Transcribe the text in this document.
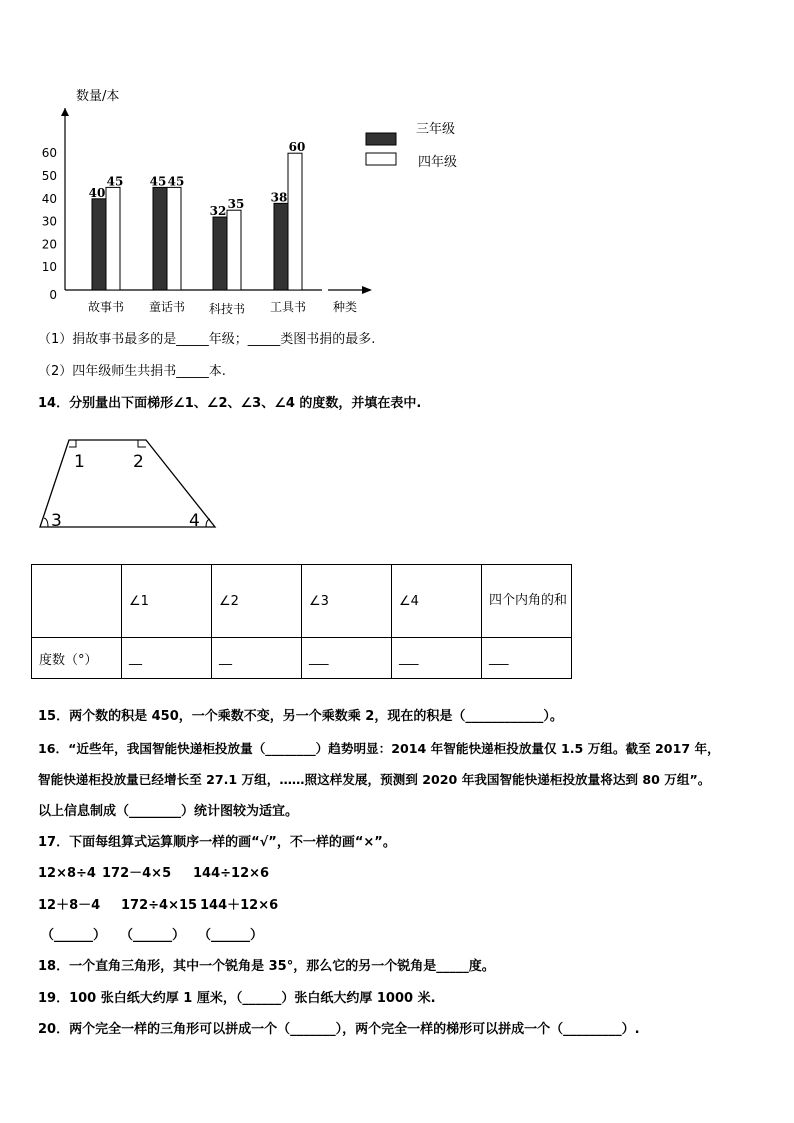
数量/本
种类
0
10
20
30
40
50
60
40
45
故事书
45 45
童话书
32 35
科技书
38
60
工具书
三年级
四年级
（1）捐故事书最多的是_____年级；_____类图书捐的最多.
（2）四年级师生共捐书_____本.
14．分别量出下面梯形∠1、∠2、∠3、∠4 的度数，并填在表中.
1	2
3	4
	∠1	∠2	∠3	∠4	四个内角的和
度数（°）	__	__	___	___	___
15．两个数的积是 450，一个乘数不变，另一个乘数乘 2，现在的积是（____________）。
16．“近些年，我国智能快递柜投放量（________）趋势明显：2014 年智能快递柜投放量仅 1.5 万组。截至 2017 年，
智能快递柜投放量已经增长至 27.1 万组，……照这样发展，预测到 2020 年我国智能快递柜投放量将达到 80 万组”。
以上信息制成（________）统计图较为适宜。
17．下面每组算式运算顺序一样的画“√”，不一样的画“×”。
12×8÷4 172－4×5 144÷12×6
12＋8－4 172÷4×15 144＋12×6
（______） （______） （______）
18．一个直角三角形，其中一个锐角是 35°，那么它的另一个锐角是_____度。
19．100 张白纸大约厚 1 厘米，（______）张白纸大约厚 1000 米.
20．两个完全一样的三角形可以拼成一个（_______），两个完全一样的梯形可以拼成一个（_________）.
